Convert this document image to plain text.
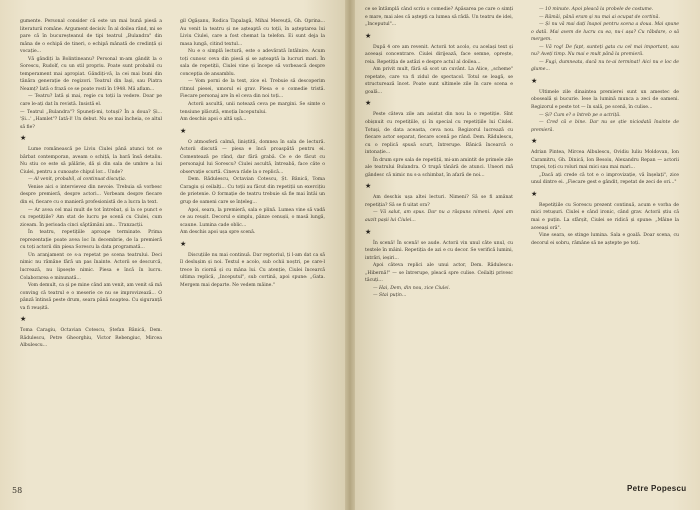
gumente. Personal consider că este un mai bună piesă a literaturii române. Argument decisiv. În al doilea rând, mi se pare că în bucureșteanul de tipi teatrul „Bulandra" din mâna de o echipă de tineri, o echipă mânată de credință și vocație...

Vă gândiți la Bolintineanu? Personal m-am gândit la o Sorescu, Rudolf, cu un stil propriu. Poate sunt probabil cu temperament mai apropiat. Gândiți-vă, la cei mai buni din tânăra generație de regizori. Teatrul din Iași, sau Piatra Neamț? Iată o frază ce se poate rosti în 1948. Mă aflam...

— Teatru? Iată și mai, regie cu toții la vedere. Doar pe care le-ați dat în revistă. Insistă el.

— Teatrul „Bulandra"? Spuneți-mi, totuși? În a doua? Și... 'Și...' „Hamlet"? Iată-l! Un debut. Nu se mai încheia, ce altul să fie?

★

Lume românească pe Liviu Ciulei până atunci tot ce bărbat contemporan, aveam o schiță, la bară însă detaliu. Nu stiu ce este să pălărie, dă și din sala de umbre a lui Ciulei, pentru a cunoaște chipul lor... Unde?

— Al venit, probabil, al continuat discuția.

Venise aici o intervievez din nevoie. Trebuia să vorbesc despre premieră, despre actori... Vorbeam despre fiecare din ei, fiecare cu o manieră profesionistă de a lucra la text.

— Ar avea cel mai mult de tot întrebat, și la ce punct e cu repetițiile? Am stat de lucru pe scenă cu Ciulei, cum ziceam. În perioada cinci săptămâni am... Tranzacții.

În teatru, repetițiile aproape terminate. Prima reprezentație poate avea loc în decembrie, de la premieră cu toți actorii din piesa Sorescu la data programată...

Un aranjament ce s-a repetat pe scena teatrului. Deci nimic nu rămâne fără un pas înainte. Actorii se descurcă, lucrează, nu lipsește nimic. Piesa e încă în lucru. Colaborarea e minunată...

Vom demult, ca și pe mine când am venit, am venit să mă conving că teatrul e o meserie ce nu se improvizează... O pânză întinsă peste drum, seara până noaptea. Cu siguranță va fi reușită.

★

Toma Caragiu, Octavian Cotescu, Ștefan Bănică, Dem. Rădulescu, Petre Gheorghiu, Victor Rebengiuc, Mircea Albulescu...

gil Ogășanu, Rodica Tapalagă, Mihai Mereuță, Gh. Oprina... Au venit la teatru și ne așteaptă cu toții, în așteptarea lui Liviu Ciulei, care a fost chemat la telefon. Ei sunt deja la masa lungă, citind textul...

Nu e o simplă lectură, este o adevărată întâlnire. Acum toți cunosc ceva din piesă și se așteaptă la lucruri mari. În sala de repetiții, Ciulei vine și începe să vorbească despre concepția de ansamblu.

— Vom porni de la text, zice el. Trebuie să descoperim ritmul piesei, umorul ei grav. Piesa e o comedie tristă. Fiecare personaj are în el ceva din noi toți...

Actorii ascultă, unii notează ceva pe margini. Se simte o tensiune plăcută, emoția începutului.

Am deschis apoi o altă ușă...

★

O atmosferă calmă, liniștită, domnea în sala de lectură. Actorii discută — piesa e încă proaspătă pentru ei. Comentează pe rând, dar fără grabă. Ce e de făcut cu personajul lui Sorescu? Ciulei ascultă, întreabă, face câte o observație scurtă. Cineva râde la o replică...

Dem. Rădulescu, Octavian Cotescu, Șt. Bănică, Toma Caragiu și ceilalți... Cu toții au făcut din repetiții un exercițiu de prietenie. O formație de teatru trebuie să fie mai întâi un grup de oameni care se înțeleg...

Apoi, seara, la premieră, sala e plină. Lumea vine să vadă ce au reușit. Decorul e simplu, pânze cenușii, o masă lungă, scaune. Lumina cade oblic...

Am deschis apoi ușa spre scenă.

★

Discuțiile nu mai continuă. Dar reptoriul, ți l-am dat ca să îl deslușim și noi. Textul e acolo, sub ochii noștri, pe care-l trece în ciornă și cu mâna lui. Cu atenție, Ciulei încearcă ultima replică, „Inceputul", sub cortină, apoi spune: „Gata. Mergem mai departe. Ne vedem mâine."

58

ce se întâmplă când scriu o comedie? Apăsarea pe care o simți e mare, mai ales că aștepți ca lumea să râdă. Un teatru de idei, „Inceputul"...

★

După 4 ore am revenit. Actorii tot acolo, cu același text și aceeași concentrare. Ciulei dirijează, face semne, oprește, reia. Repetiția de astăzi e despre actul al doilea...

Am privit mult, fără să scot un cuvânt. La Alice, „scheme" repetate, care va fi zidul de spectacol. Totul se leagă, se structurează încet. Poate sunt ultimele zile în care scena e goală...

★

Peste câteva zile am asistat din nou la o repetiție. Sînt obișnuit cu repetițiile, și în special cu repetițiile lui Ciulei. Totuși, de data aceasta, ceva nou. Regizorul lucrează cu fiecare actor separat, fiecare scenă pe rând. Dem. Rădulescu, cu o replică spusă scurt, întrerupe. Bănică încearcă o intonație...

În drum spre sala de repetiții, mi-am amintit de primele zile ale teatrului Bulandra. O trupă tânără de atunci. Uneori mă gândesc că nimic nu s-a schimbat, în afară de noi...

★

Am deschis ușa altei lecturi. Nimeni? Să se fi amânat repetiția? Să se fi uitat ora?

— Vă salut, am spus. Dar nu a răspuns nimeni. Apoi am auzit pașii lui Ciulei...

★

În scenă! În scenă! se aude. Actorii vin unul câte unul, cu textele în mâini. Repetiția de azi e cu decor. Se verifică lumini, intrări, ieșiri...

Apoi câteva replici ale unui actor, Dem. Rădulescu: „Hibernă!" — se întrerupe, pleacă spre culise. Ceilalți privesc tăcuți...

— Hai, Dem, din nou, zice Ciulei.

— Stai puțin...

— 10 minute. Apoi pleacă la probele de costume.

— Rămâi, până eram și nu mai ai ocupat de cortină.

— Și nu vă mai dați înapoi pentru scena a doua. Mai spune o dată. Mai avem de lucru cu ea, nu-i așa? Cu răbdare, o să mergem.

— Vă rog! De fapt, sunteți gata cu cel mai important, sau nu? Aveți timp. Nu mai e mult până la premieră.

— Fugi, dumneata, dacă nu te-ai terminat! Aici nu e loc de glume...

★

Ultimele zile dinaintea premierei sunt un amestec de oboseală și bucurie. Iese la lumină munca a zeci de oameni. Regizorul e peste tot — în sală, pe scenă, în culise...

— Și? Cum e? o întreb pe o actriță.

— Cred că e bine. Dar nu se știe niciodată înainte de premieră.

★

Adrian Pintea, Mircea Albulescu, Ovidiu Iuliu Moldovan, Ion Caramitru, Gh. Dinică, Ion Besoiu, Alexandru Repan — actorii trupei, toți cu roluri mai mici sau mai mari...

„Dacă ați crede că tot e o improvizație, vă înșelați", zice unul dintre ei. „Fiecare gest e gândit, repetat de zeci de ori..."

★

Repetițiile cu Sorescu prezent continuă, acum e vorba de mici retușuri. Ciulei e când ironic, când grav. Actorii știu că mai e puțin. La sfârșit, Ciulei se ridică și spune: „Mâine la aceeași oră".

Vine seara, se stinge lumina. Sala e goală. Doar scena, cu decorul ei sobru, rămâne să ne aștepte pe toți.

Petre Popescu
